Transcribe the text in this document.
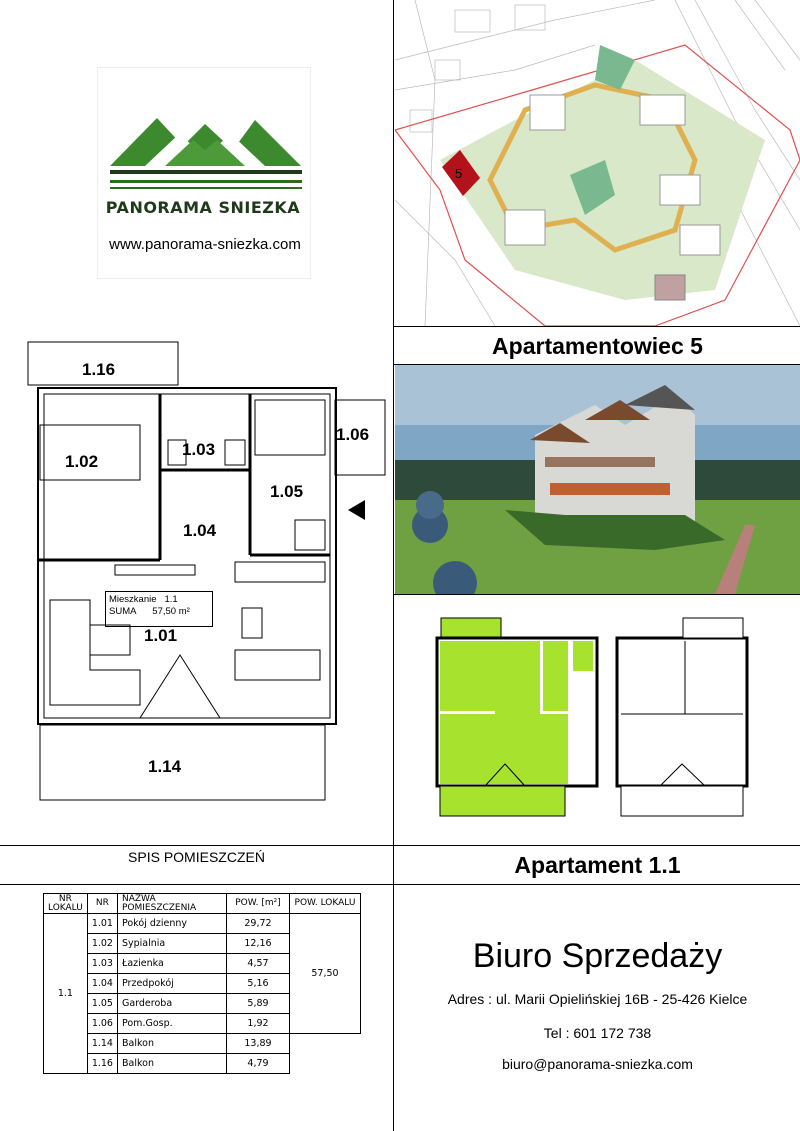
PANORAMA SNIEZKA
www.panorama-sniezka.com
5
Apartamentowiec 5
1.16
1.02
1.03
1.06
1.05
1.04
1.01
1.14
Mieszkanie 1.1
SUMA 57,50 m²
Apartament 1.1
SPIS POMIESZCZEŃ
NR LOKALU	NR	NAZWA POMIESZCZENIA	POW. [m²]	POW. LOKALU
1.1	1.01	Pokój dzienny	29,72	57,50
	1.02	Sypialnia	12,16	
	1.03	Łazienka	4,57	
	1.04	Przedpokój	5,16	
	1.05	Garderoba	5,89	
	1.06	Pom.Gosp.	1,92	
	1.14	Balkon	13,89	
	1.16	Balkon	4,79	
Biuro Sprzedaży
Adres : ul. Marii Opielińskiej 16B - 25-426 Kielce
Tel : 601 172 738
biuro@panorama-sniezka.com
